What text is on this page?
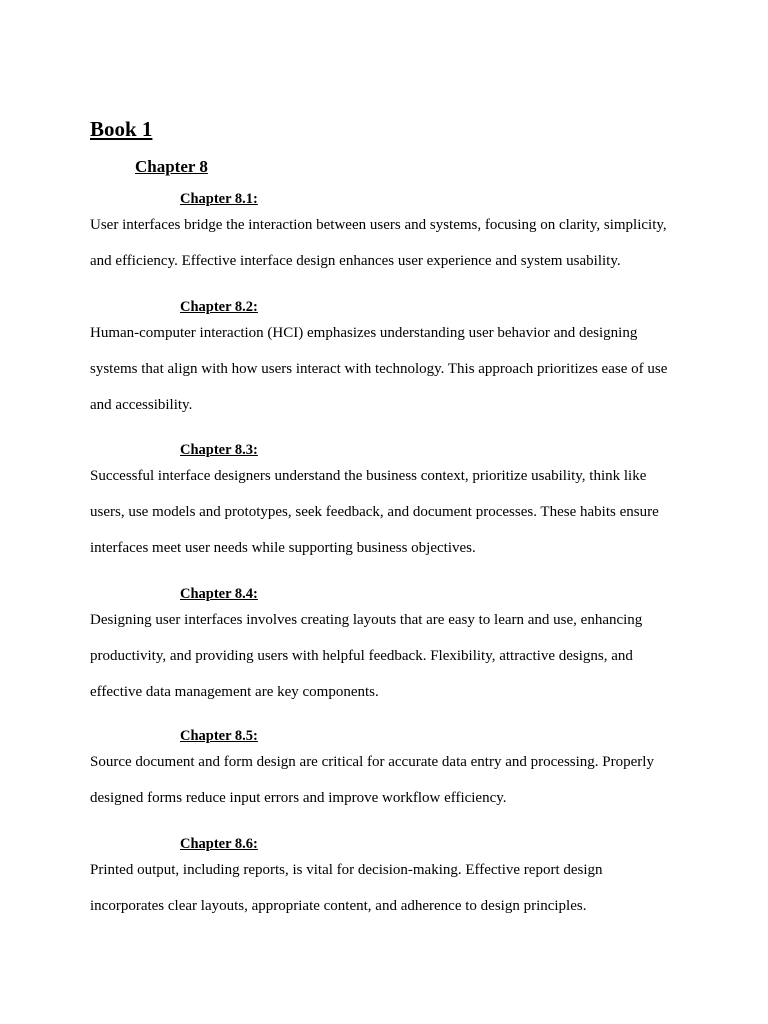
Book 1
Chapter 8
Chapter 8.1:

User interfaces bridge the interaction between users and systems, focusing on clarity, simplicity, and efficiency. Effective interface design enhances user experience and system usability.

Chapter 8.2:

Human-computer interaction (HCI) emphasizes understanding user behavior and designing systems that align with how users interact with technology. This approach prioritizes ease of use and accessibility.

Chapter 8.3:

Successful interface designers understand the business context, prioritize usability, think like users, use models and prototypes, seek feedback, and document processes. These habits ensure interfaces meet user needs while supporting business objectives.

Chapter 8.4:

Designing user interfaces involves creating layouts that are easy to learn and use, enhancing productivity, and providing users with helpful feedback. Flexibility, attractive designs, and effective data management are key components.

Chapter 8.5:

Source document and form design are critical for accurate data entry and processing. Properly designed forms reduce input errors and improve workflow efficiency.

Chapter 8.6:

Printed output, including reports, is vital for decision-making. Effective report design incorporates clear layouts, appropriate content, and adherence to design principles.
